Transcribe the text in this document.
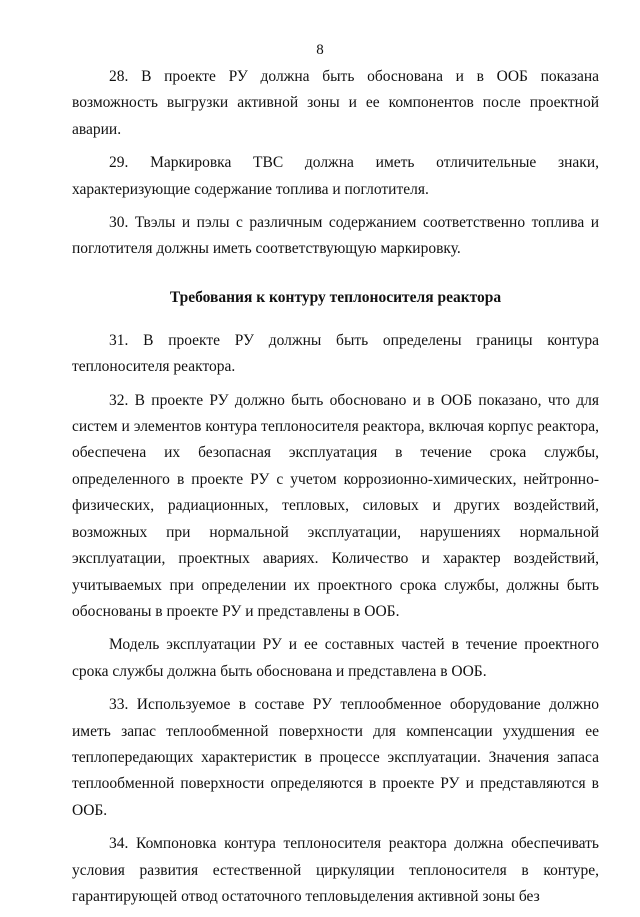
8

28. В проекте РУ должна быть обоснована и в ООБ показана возможность выгрузки активной зоны и ее компонентов после проектной аварии.

29. Маркировка ТВС должна иметь отличительные знаки, характеризующие содержание топлива и поглотителя.

30. Твэлы и пэлы с различным содержанием соответственно топлива и поглотителя должны иметь соответствующую маркировку.

Требования к контуру теплоносителя реактора

31. В проекте РУ должны быть определены границы контура теплоносителя реактора.

32. В проекте РУ должно быть обосновано и в ООБ показано, что для систем и элементов контура теплоносителя реактора, включая корпус реактора, обеспечена их безопасная эксплуатация в течение срока службы, определенного в проекте РУ с учетом коррозионно-химических, нейтронно-физических, радиационных, тепловых, силовых и других воздействий, возможных при нормальной эксплуатации, нарушениях нормальной эксплуатации, проектных авариях. Количество и характер воздействий, учитываемых при определении их проектного срока службы, должны быть обоснованы в проекте РУ и представлены в ООБ.

Модель эксплуатации РУ и ее составных частей в течение проектного срока службы должна быть обоснована и представлена в ООБ.

33. Используемое в составе РУ теплообменное оборудование должно иметь запас теплообменной поверхности для компенсации ухудшения ее теплопередающих характеристик в процессе эксплуатации. Значения запаса теплообменной поверхности определяются в проекте РУ и представляются в ООБ.

34. Компоновка контура теплоносителя реактора должна обеспечивать условия развития естественной циркуляции теплоносителя в контуре, гарантирующей отвод остаточного тепловыделения активной зоны без
